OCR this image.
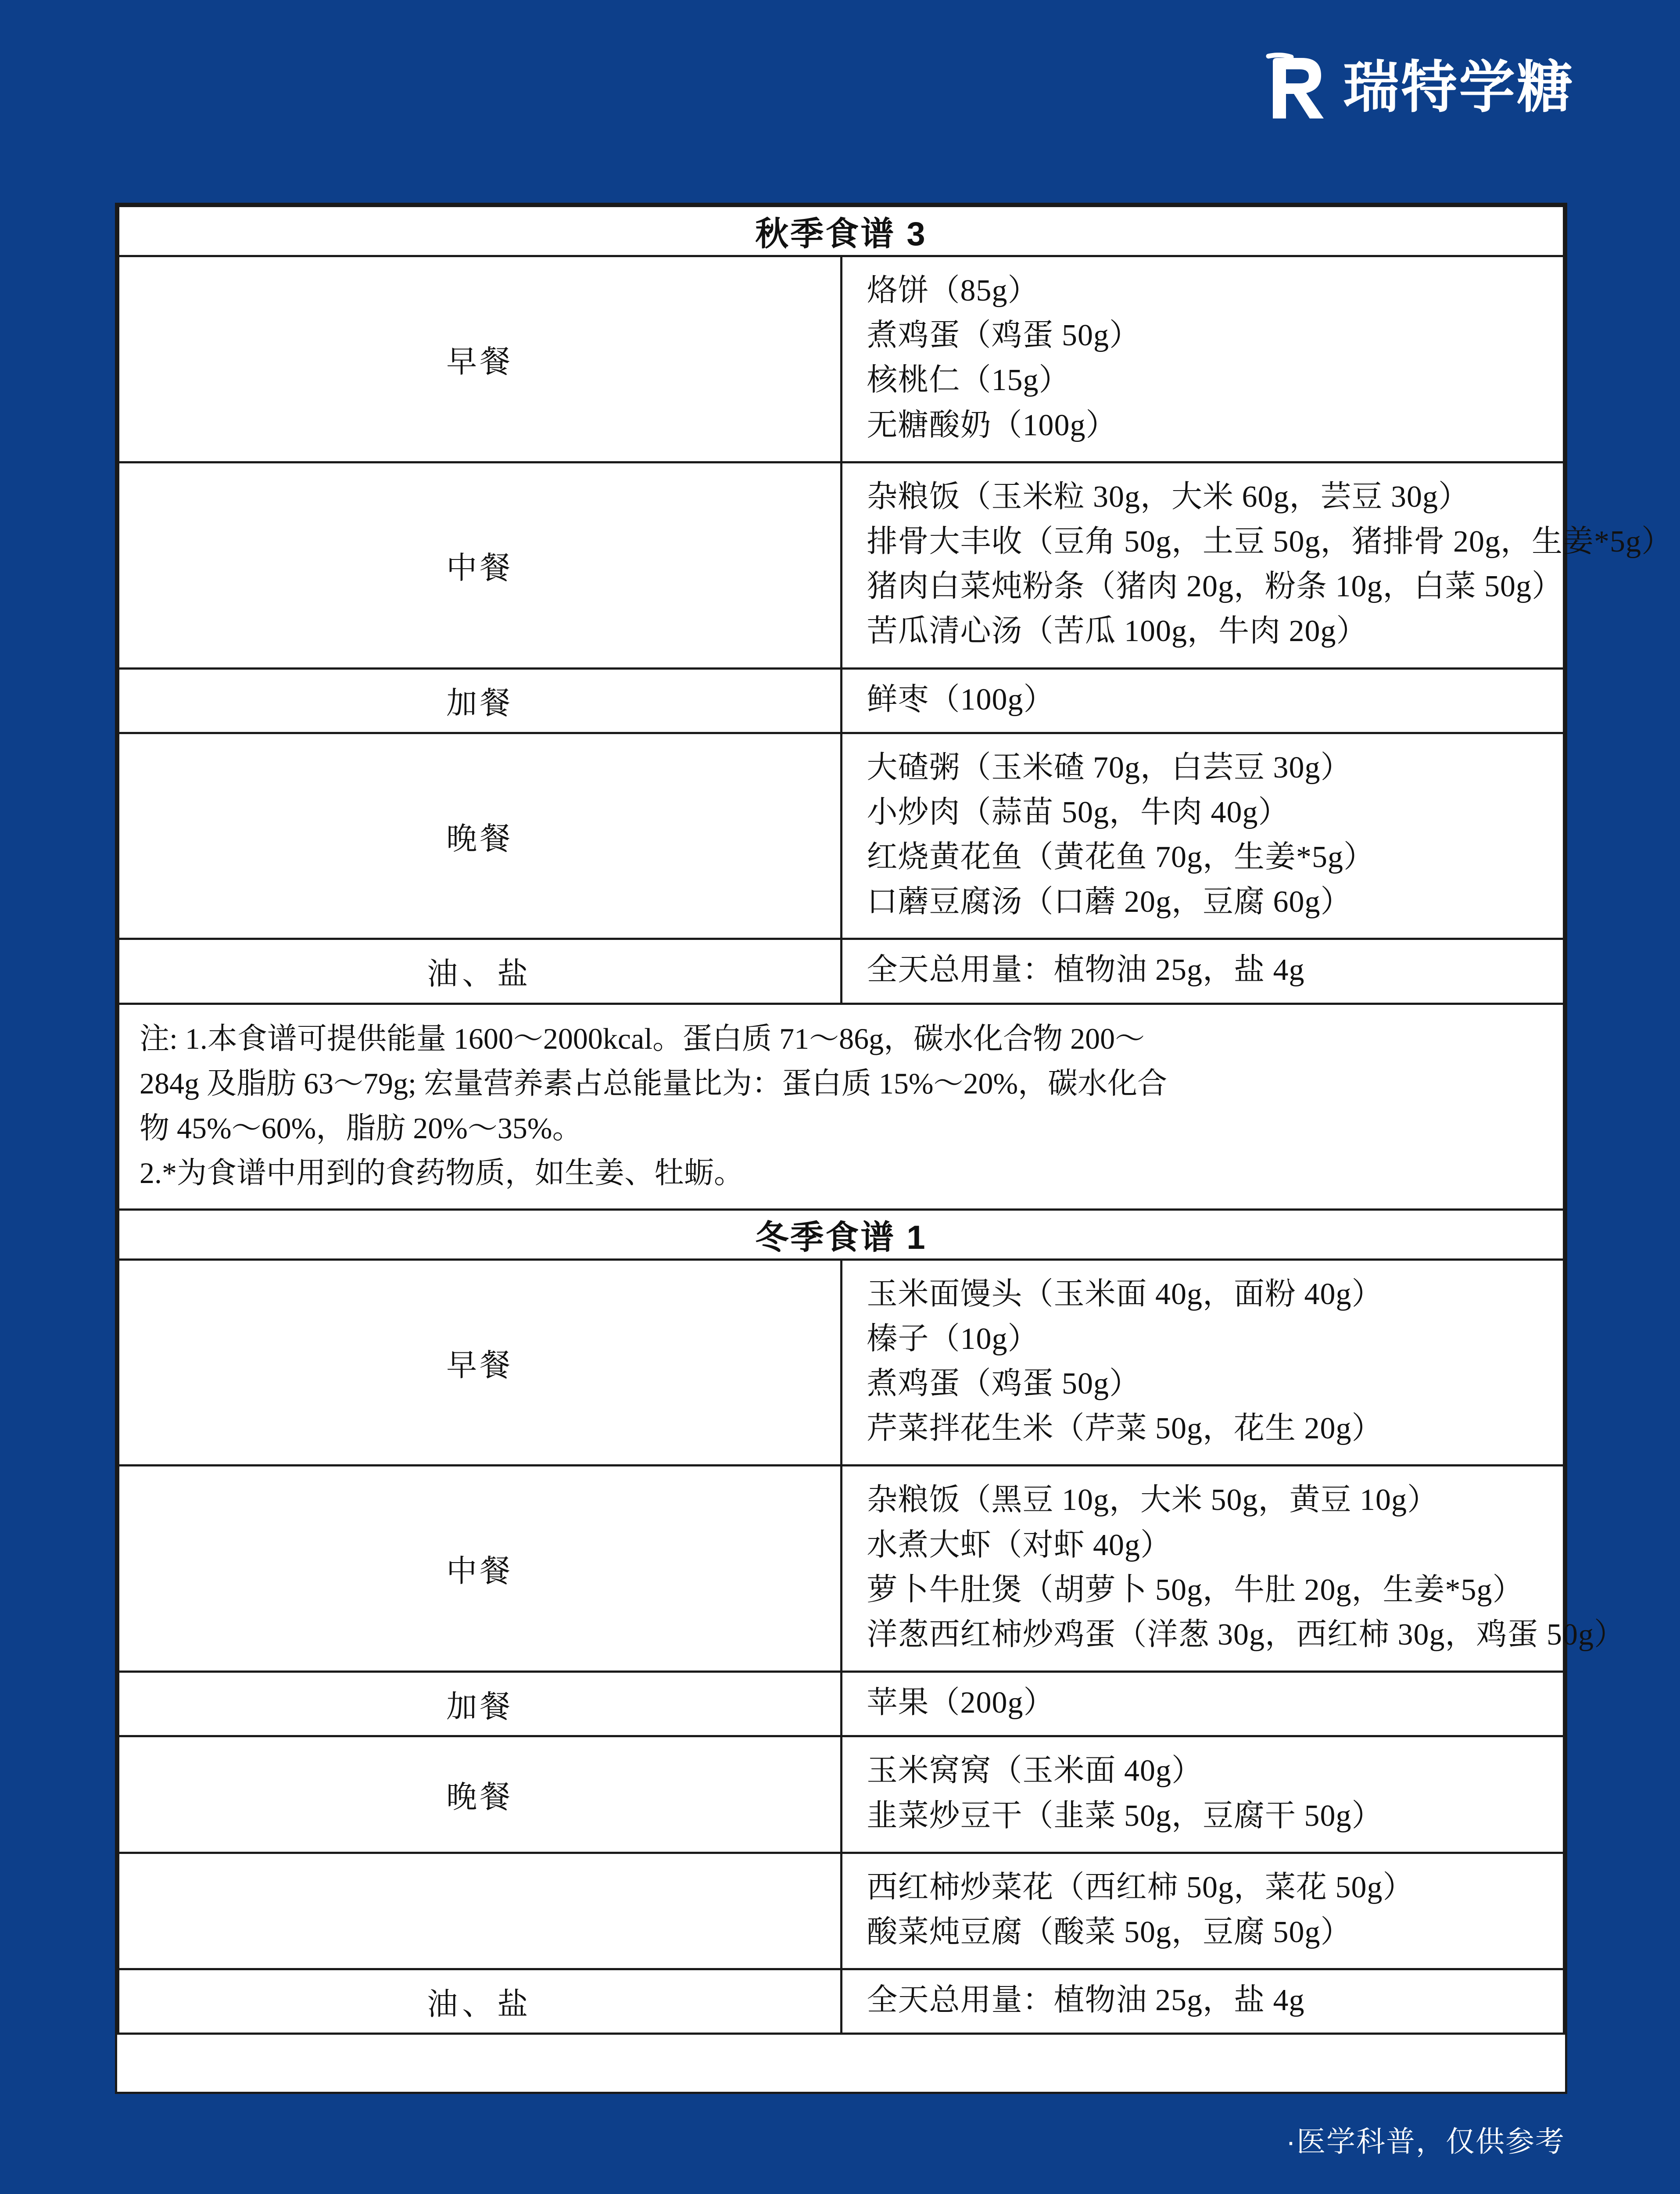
瑞特学糖
秋季食谱 3	
早餐	烙饼（85g）
煮鸡蛋（鸡蛋 50g）
核桃仁（15g）
无糖酸奶（100g）

中餐	杂粮饭（玉米粒 30g，大米 60g，芸豆 30g）
排骨大丰收（豆角 50g，土豆 50g，猪排骨 20g，生姜*5g）
猪肉白菜炖粉条（猪肉 20g，粉条 10g，白菜 50g）
苦瓜清心汤（苦瓜 100g，牛肉 20g）

加餐	鲜枣（100g）

晚餐	大碴粥（玉米碴 70g，白芸豆 30g）
小炒肉（蒜苗 50g，牛肉 40g）
红烧黄花鱼（黄花鱼 70g，生姜*5g）
口蘑豆腐汤（口蘑 20g，豆腐 60g）

油、盐	全天总用量：植物油 25g，盐 4g

注: 1.本食谱可提供能量 1600～2000kcal。蛋白质 71～86g，碳水化合物 200～
284g 及脂肪 63～79g; 宏量营养素占总能量比为：蛋白质 15%～20%，碳水化合
物 45%～60%，脂肪 20%～35%。
2.*为食谱中用到的食药物质，如生姜、牡蛎。	

冬季食谱 1	
早餐	玉米面馒头（玉米面 40g，面粉 40g）
榛子（10g）
煮鸡蛋（鸡蛋 50g）
芹菜拌花生米（芹菜 50g，花生 20g）

中餐	杂粮饭（黑豆 10g，大米 50g，黄豆 10g）
水煮大虾（对虾 40g）
萝卜牛肚煲（胡萝卜 50g，牛肚 20g，生姜*5g）
洋葱西红柿炒鸡蛋（洋葱 30g，西红柿 30g，鸡蛋 50g）

加餐	苹果（200g）

晚餐	玉米窝窝（玉米面 40g）
韭菜炒豆干（韭菜 50g，豆腐干 50g）

	西红柿炒菜花（西红柿 50g，菜花 50g）
酸菜炖豆腐（酸菜 50g，豆腐 50g）

油、盐	全天总用量：植物油 25g，盐 4g
·医学科普，仅供参考
